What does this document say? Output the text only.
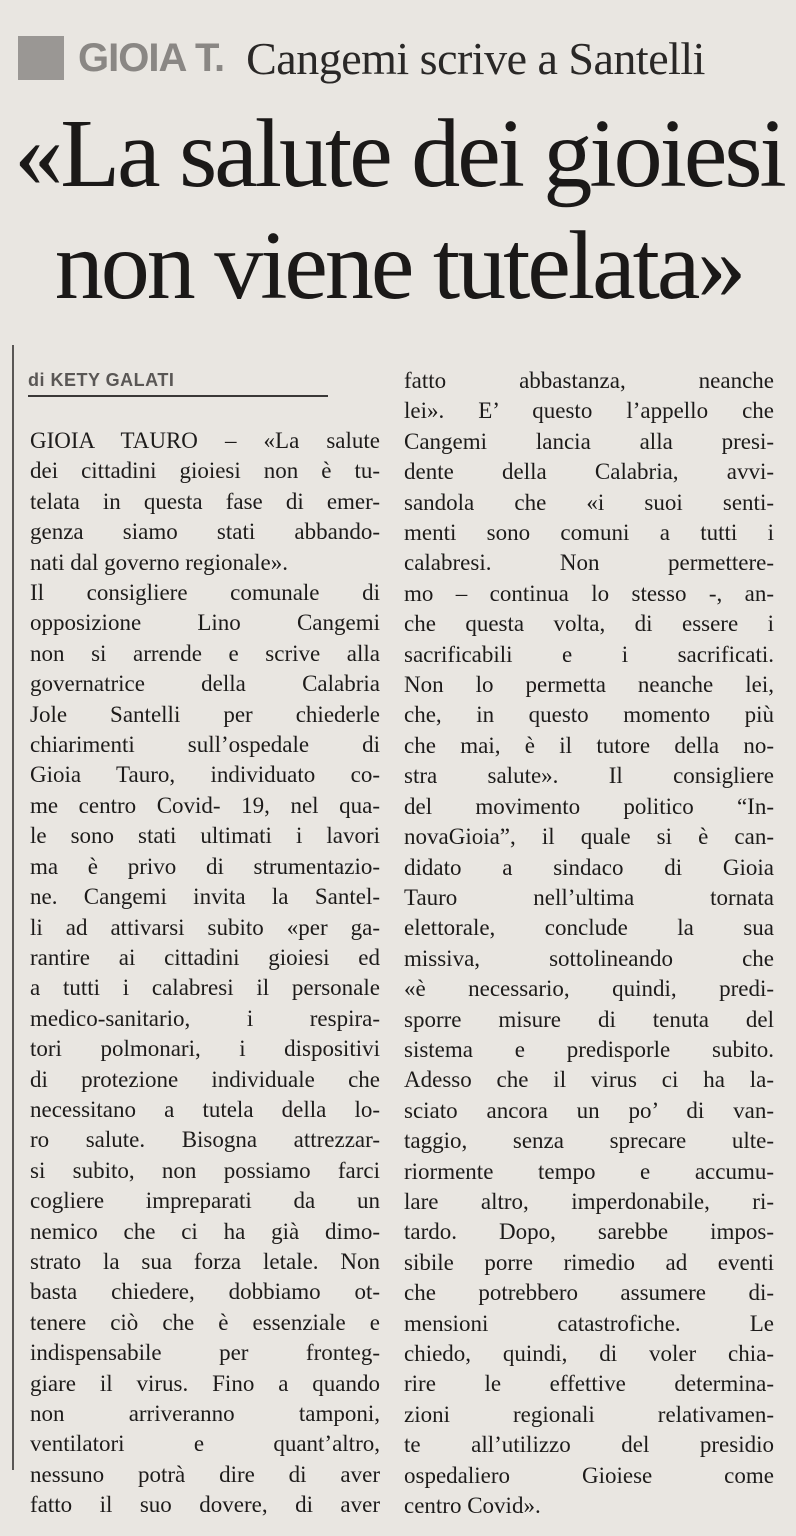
GIOIA T. Cangemi scrive a Santelli
«La salute dei gioiesi
non viene tutelata»
di KETY GALATI
GIOIA TAURO – «La salute
dei cittadini gioiesi non è tu-
telata in questa fase di emer-
genza siamo stati abbando-
nati dal governo regionale».
Il consigliere comunale di
opposizione Lino Cangemi
non si arrende e scrive alla
governatrice della Calabria
Jole Santelli per chiederle
chiarimenti sull’ospedale di
Gioia Tauro, individuato co-
me centro Covid- 19, nel qua-
le sono stati ultimati i lavori
ma è privo di strumentazio-
ne. Cangemi invita la Santel-
li ad attivarsi subito «per ga-
rantire ai cittadini gioiesi ed
a tutti i calabresi il personale
medico-sanitario, i respira-
tori polmonari, i dispositivi
di protezione individuale che
necessitano a tutela della lo-
ro salute. Bisogna attrezzar-
si subito, non possiamo farci
cogliere impreparati da un
nemico che ci ha già dimo-
strato la sua forza letale. Non
basta chiedere, dobbiamo ot-
tenere ciò che è essenziale e
indispensabile per fronteg-
giare il virus. Fino a quando
non arriveranno tamponi,
ventilatori e quant’altro,
nessuno potrà dire di aver
fatto il suo dovere, di aver
fatto abbastanza, neanche
lei». E’ questo l’appello che
Cangemi lancia alla presi-
dente della Calabria, avvi-
sandola che «i suoi senti-
menti sono comuni a tutti i
calabresi. Non permettere-
mo – continua lo stesso -, an-
che questa volta, di essere i
sacrificabili e i sacrificati.
Non lo permetta neanche lei,
che, in questo momento più
che mai, è il tutore della no-
stra salute». Il consigliere
del movimento politico “In-
novaGioia”, il quale si è can-
didato a sindaco di Gioia
Tauro nell’ultima tornata
elettorale, conclude la sua
missiva, sottolineando che
«è necessario, quindi, predi-
sporre misure di tenuta del
sistema e predisporle subito.
Adesso che il virus ci ha la-
sciato ancora un po’ di van-
taggio, senza sprecare ulte-
riormente tempo e accumu-
lare altro, imperdonabile, ri-
tardo. Dopo, sarebbe impos-
sibile porre rimedio ad eventi
che potrebbero assumere di-
mensioni catastrofiche. Le
chiedo, quindi, di voler chia-
rire le effettive determina-
zioni regionali relativamen-
te all’utilizzo del presidio
ospedaliero Gioiese come
centro Covid».
